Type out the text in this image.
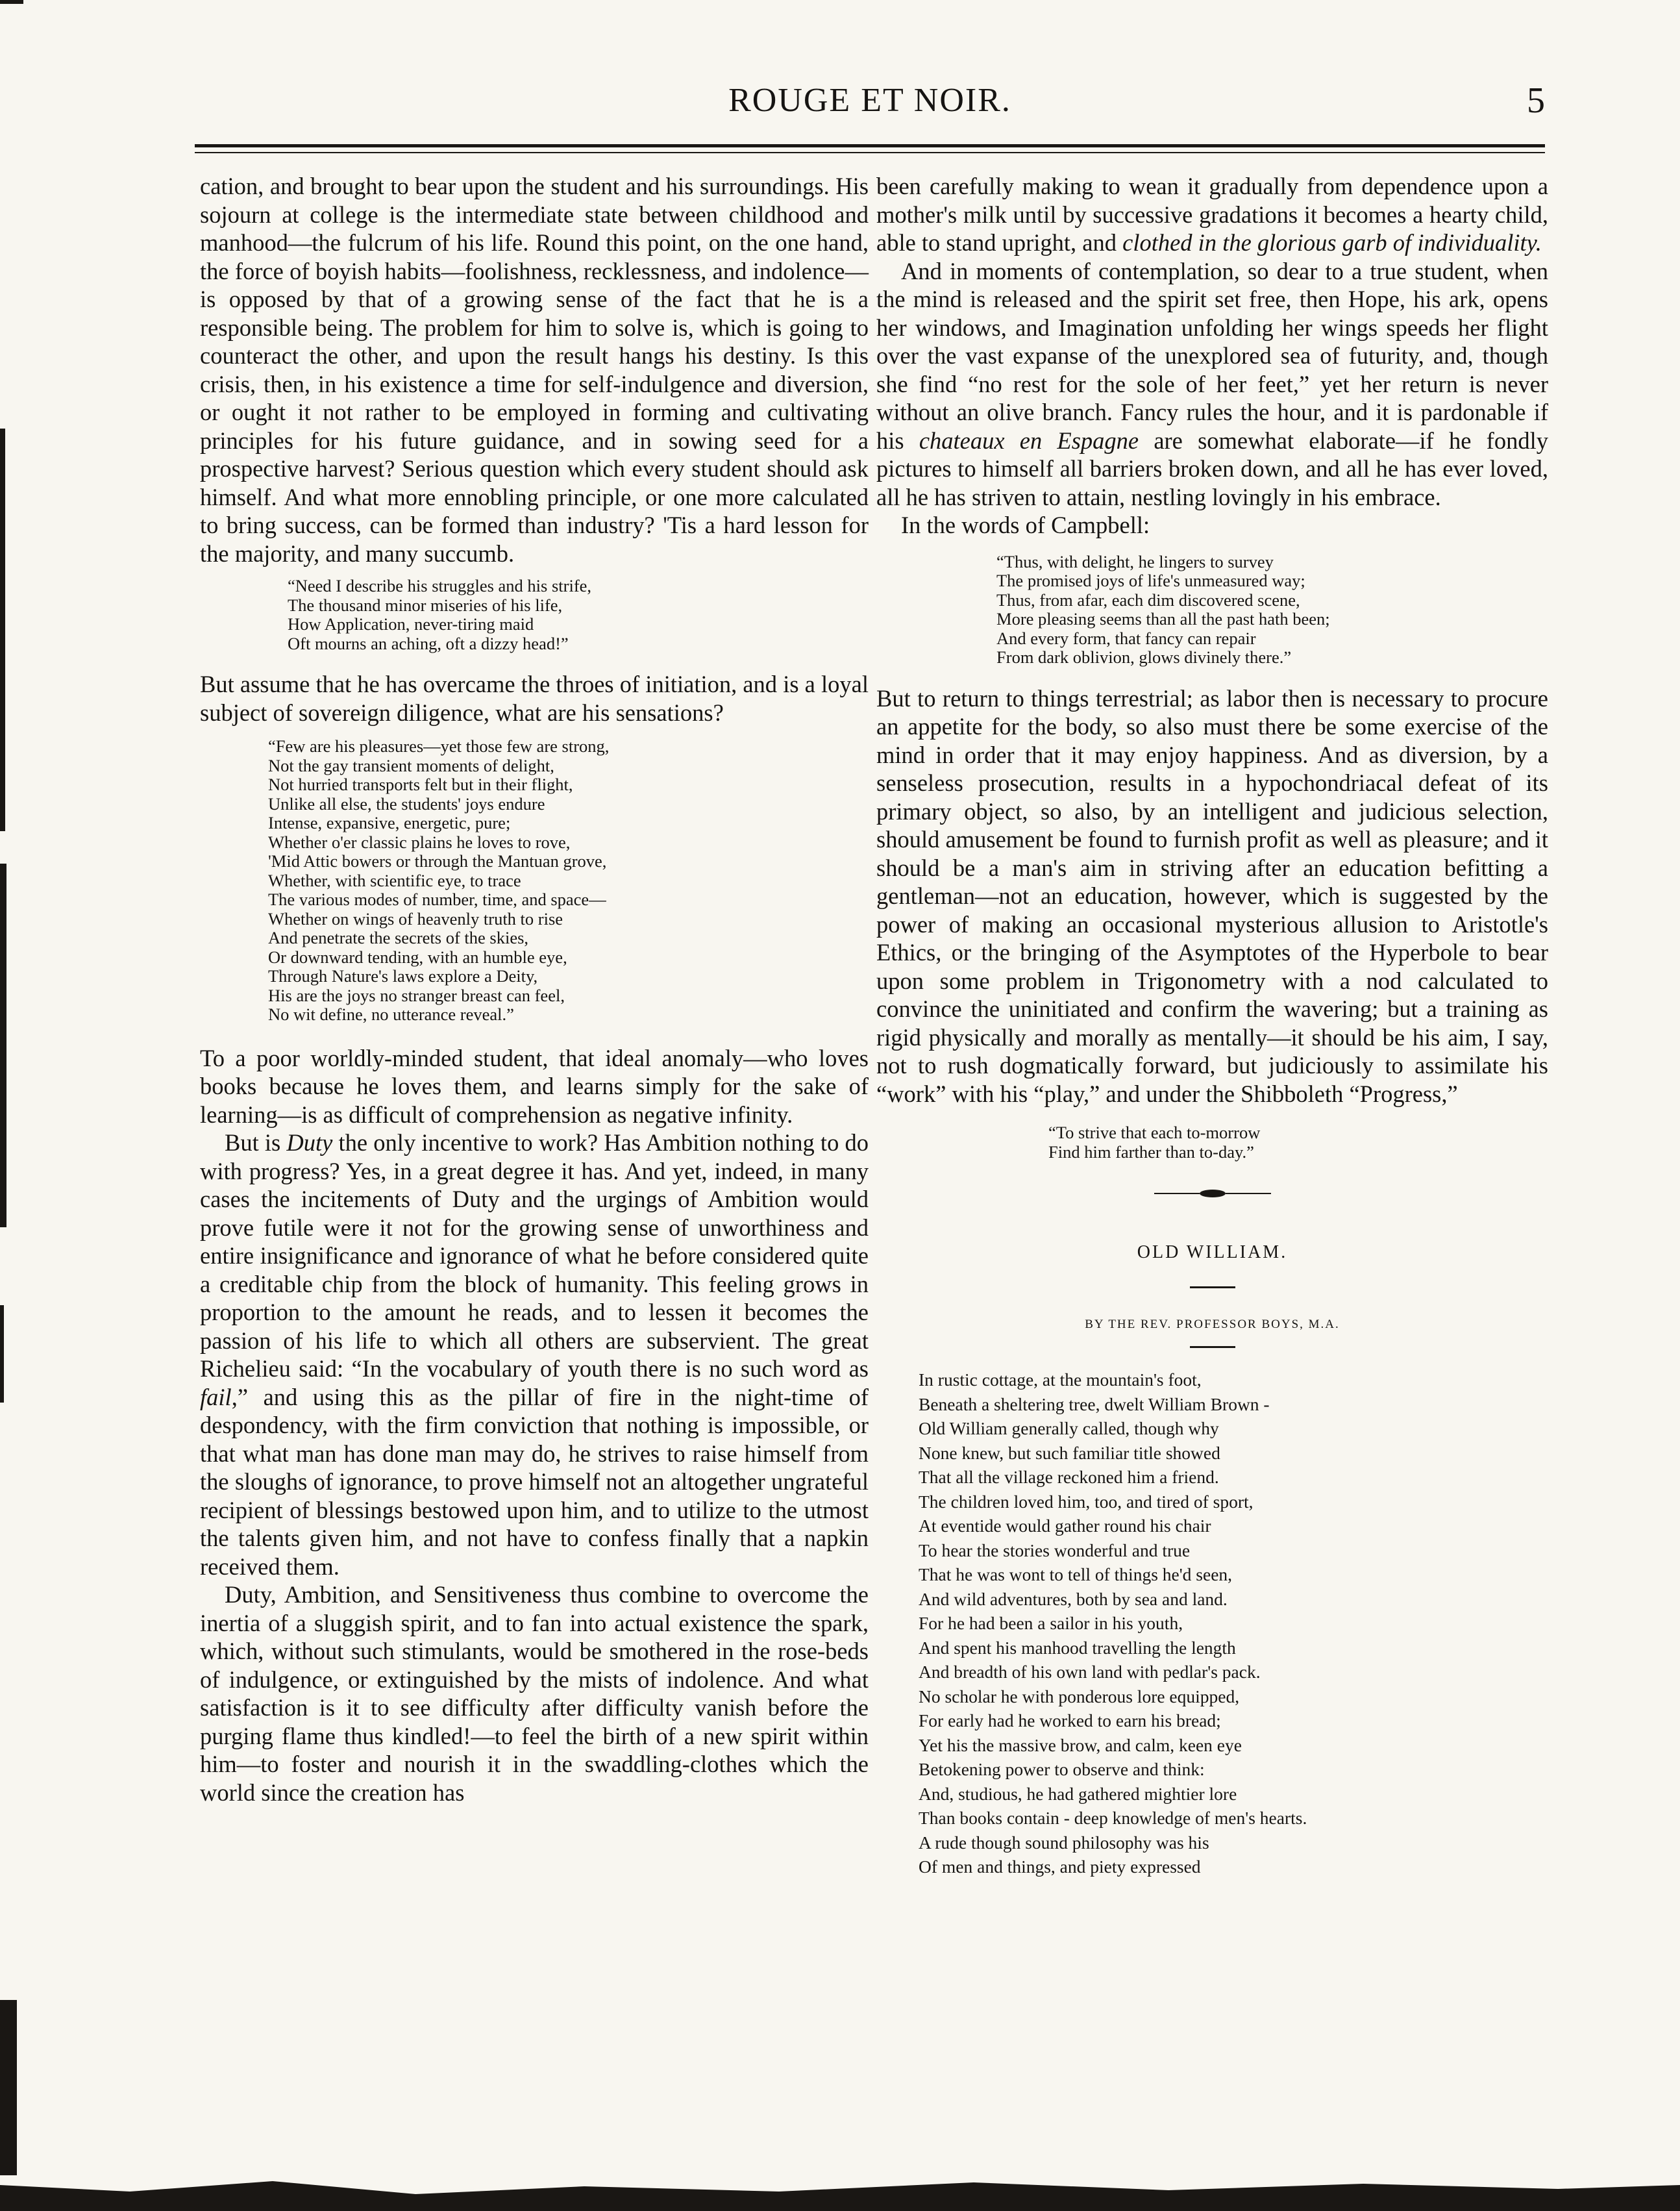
ROUGE ET NOIR.	5

cation, and brought to bear upon the student and his surroundings. His sojourn at college is the intermediate state between childhood and manhood—the fulcrum of his life. Round this point, on the one hand, the force of boyish habits—foolishness, recklessness, and indolence—is opposed by that of a growing sense of the fact that he is a responsible being. The problem for him to solve is, which is going to counteract the other, and upon the result hangs his destiny. Is this crisis, then, in his existence a time for self-indulgence and diversion, or ought it not rather to be employed in forming and cultivating principles for his future guidance, and in sowing seed for a prospective harvest? Serious question which every student should ask himself. And what more ennobling principle, or one more calculated to bring success, can be formed than industry? 'Tis a hard lesson for the majority, and many succumb.

“Need I describe his struggles and his strife,
The thousand minor miseries of his life,
How Application, never-tiring maid
Oft mourns an aching, oft a dizzy head!”

But assume that he has overcame the throes of initiation, and is a loyal subject of sovereign diligence, what are his sensations?

“Few are his pleasures—yet those few are strong,
Not the gay transient moments of delight,
Not hurried transports felt but in their flight,
Unlike all else, the students' joys endure
Intense, expansive, energetic, pure;
Whether o'er classic plains he loves to rove,
'Mid Attic bowers or through the Mantuan grove,
Whether, with scientific eye, to trace
The various modes of number, time, and space—
Whether on wings of heavenly truth to rise
And penetrate the secrets of the skies,
Or downward tending, with an humble eye,
Through Nature's laws explore a Deity,
His are the joys no stranger breast can feel,
No wit define, no utterance reveal.”

To a poor worldly-minded student, that ideal anomaly—who loves books because he loves them, and learns simply for the sake of learning—is as difficult of comprehension as negative infinity.

But is Duty the only incentive to work? Has Ambition nothing to do with progress? Yes, in a great degree it has. And yet, indeed, in many cases the incitements of Duty and the urgings of Ambition would prove futile were it not for the growing sense of unworthiness and entire insignificance and ignorance of what he before considered quite a creditable chip from the block of humanity. This feeling grows in proportion to the amount he reads, and to lessen it becomes the passion of his life to which all others are subservient. The great Richelieu said: “In the vocabulary of youth there is no such word as fail,” and using this as the pillar of fire in the night-time of despondency, with the firm conviction that nothing is impossible, or that what man has done man may do, he strives to raise himself from the sloughs of ignorance, to prove himself not an altogether ungrateful recipient of blessings bestowed upon him, and to utilize to the utmost the talents given him, and not have to confess finally that a napkin received them.

Duty, Ambition, and Sensitiveness thus combine to overcome the inertia of a sluggish spirit, and to fan into actual existence the spark, which, without such stimulants, would be smothered in the rose-beds of indulgence, or extinguished by the mists of indolence. And what satisfaction is it to see difficulty after difficulty vanish before the purging flame thus kindled!—to feel the birth of a new spirit within him—to foster and nourish it in the swaddling-clothes which the world since the creation has

been carefully making to wean it gradually from dependence upon a mother's milk until by successive gradations it becomes a hearty child, able to stand upright, and clothed in the glorious garb of individuality.

And in moments of contemplation, so dear to a true student, when the mind is released and the spirit set free, then Hope, his ark, opens her windows, and Imagination unfolding her wings speeds her flight over the vast expanse of the unexplored sea of futurity, and, though she find “no rest for the sole of her feet,” yet her return is never without an olive branch. Fancy rules the hour, and it is pardonable if his chateaux en Espagne are somewhat elaborate—if he fondly pictures to himself all barriers broken down, and all he has ever loved, all he has striven to attain, nestling lovingly in his embrace.

In the words of Campbell:

“Thus, with delight, he lingers to survey
The promised joys of life's unmeasured way;
Thus, from afar, each dim discovered scene,
More pleasing seems than all the past hath been;
And every form, that fancy can repair
From dark oblivion, glows divinely there.”

But to return to things terrestrial; as labor then is necessary to procure an appetite for the body, so also must there be some exercise of the mind in order that it may enjoy happiness. And as diversion, by a senseless prosecution, results in a hypochondriacal defeat of its primary object, so also, by an intelligent and judicious selection, should amusement be found to furnish profit as well as pleasure; and it should be a man's aim in striving after an education befitting a gentleman—not an education, however, which is suggested by the power of making an occasional mysterious allusion to Aristotle's Ethics, or the bringing of the Asymptotes of the Hyperbole to bear upon some problem in Trigonometry with a nod calculated to convince the uninitiated and confirm the wavering; but a training as rigid physically and morally as mentally—it should be his aim, I say, not to rush dogmatically forward, but judiciously to assimilate his “work” with his “play,” and under the Shibboleth “Progress,”

“To strive that each to-morrow
Find him farther than to-day.”
OLD WILLIAM.
BY THE REV. PROFESSOR BOYS, M.A.
In rustic cottage, at the mountain's foot,
Beneath a sheltering tree, dwelt William Brown -
Old William generally called, though why
None knew, but such familiar title showed
That all the village reckoned him a friend.
The children loved him, too, and tired of sport,
At eventide would gather round his chair
To hear the stories wonderful and true
That he was wont to tell of things he'd seen,
And wild adventures, both by sea and land.
For he had been a sailor in his youth,
And spent his manhood travelling the length
And breadth of his own land with pedlar's pack.
No scholar he with ponderous lore equipped,
For early had he worked to earn his bread;
Yet his the massive brow, and calm, keen eye
Betokening power to observe and think:
And, studious, he had gathered mightier lore
Than books contain - deep knowledge of men's hearts.
A rude though sound philosophy was his
Of men and things, and piety expressed
